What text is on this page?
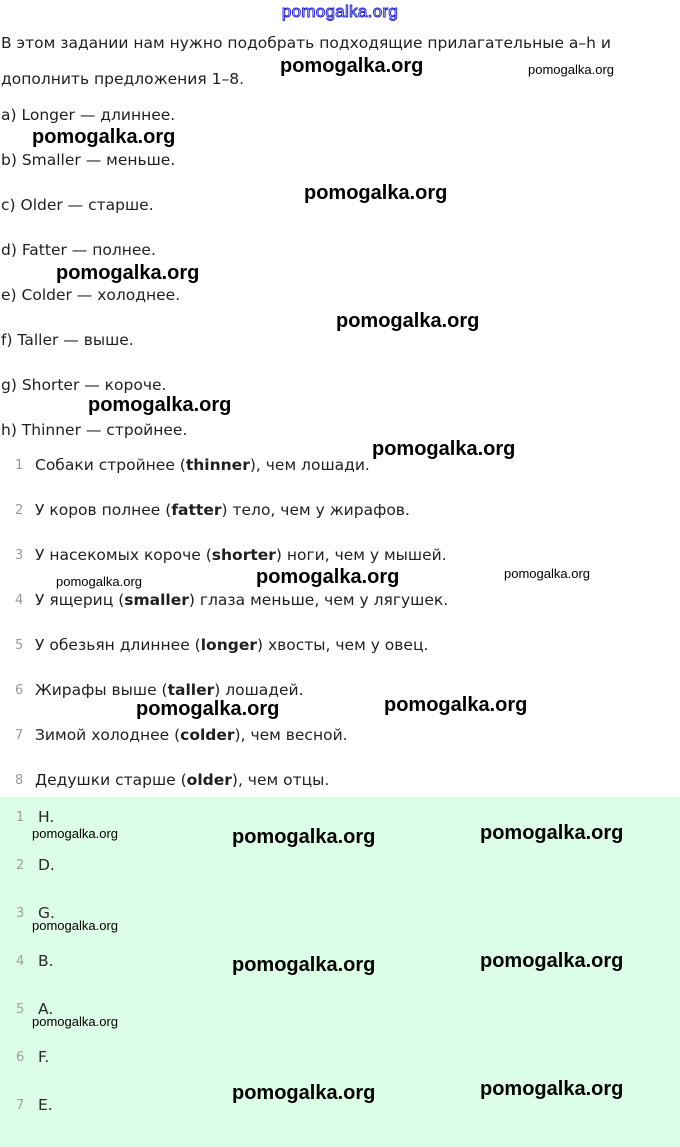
pomogalka.org
В этом задании нам нужно подобрать подходящие прилагательные a–h и
дополнить предложения 1–8.
a) Longer — длиннее.
b) Smaller — меньше.
c) Older — старше.
d) Fatter — полнее.
e) Colder — холоднее.
f) Taller — выше.
g) Shorter — короче.
h) Thinner — стройнее.
1 Собаки стройнее (thinner), чем лошади.
2 У коров полнее (fatter) тело, чем у жирафов.
3 У насекомых короче (shorter) ноги, чем у мышей.
4 У ящериц (smaller) глаза меньше, чем у лягушек.
5 У обезьян длиннее (longer) хвосты, чем у овец.
6 Жирафы выше (taller) лошадей.
7 Зимой холоднее (colder), чем весной.
8 Дедушки старше (older), чем отцы.
1 H.
2 D.
3 G.
4 B.
5 A.
6 F.
7 E.
pomogalka.org	pomogalka.org
pomogalka.org
pomogalka.org
pomogalka.org
pomogalka.org
pomogalka.org
pomogalka.org
pomogalka.org	pomogalka.org	pomogalka.org
pomogalka.org	pomogalka.org
pomogalka.org	pomogalka.org	pomogalka.org
pomogalka.org
pomogalka.org	pomogalka.org
pomogalka.org
pomogalka.org	pomogalka.org
